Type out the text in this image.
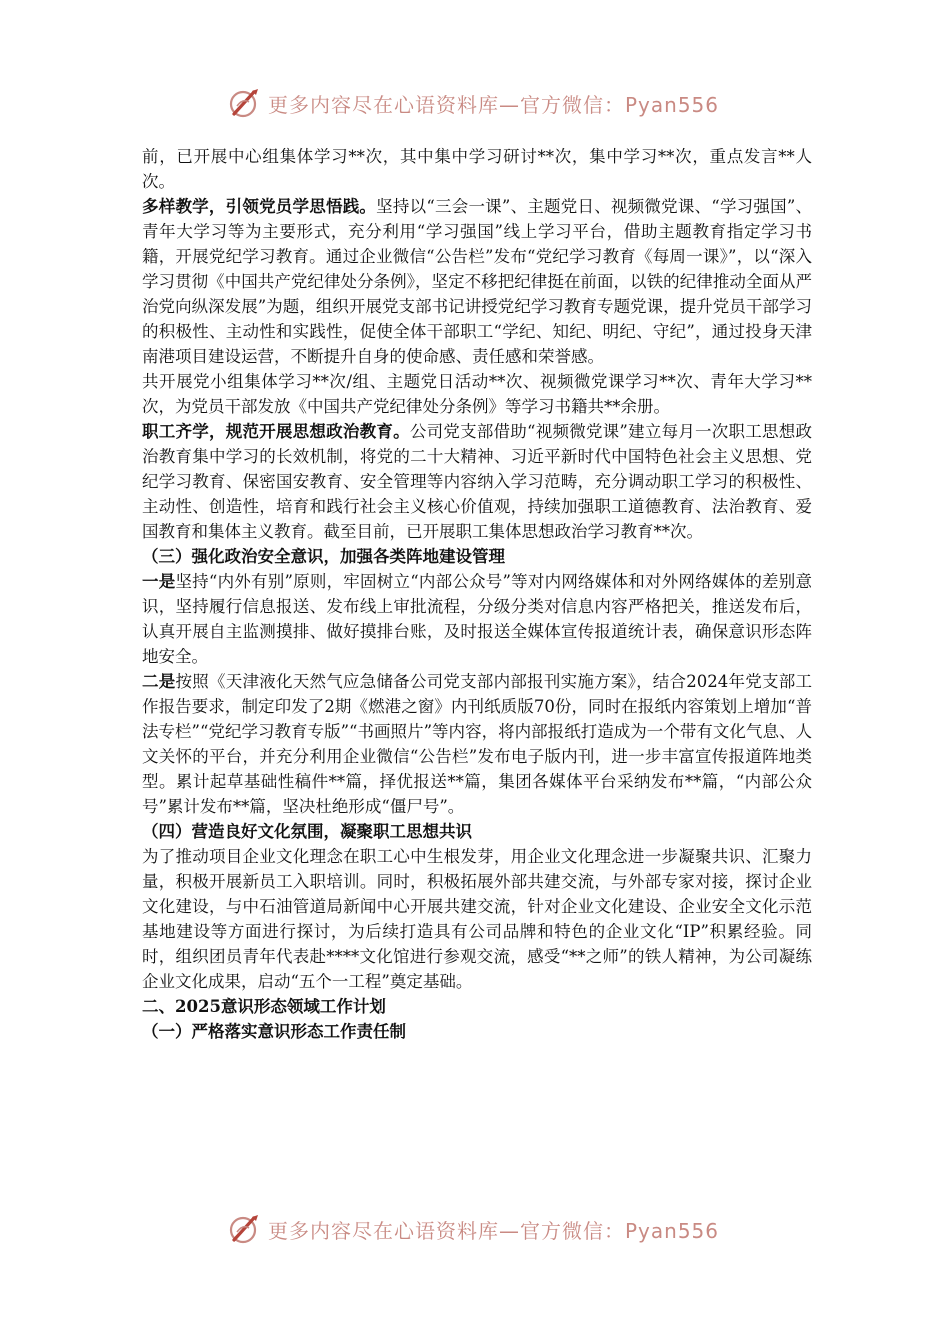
更多内容尽在心语资料库—官方微信：Pyan556

前，已开展中心组集体学习**次，其中集中学习研讨**次，集中学习**次，重点发言**人次。

多样教学，引领党员学思悟践。坚持以“三会一课”、主题党日、视频微党课、“学习强国”、青年大学习等为主要形式，充分利用“学习强国”线上学习平台，借助主题教育指定学习书籍，开展党纪学习教育。通过企业微信“公告栏”发布“党纪学习教育《每周一课》”，以“深入学习贯彻《中国共产党纪律处分条例》，坚定不移把纪律挺在前面，以铁的纪律推动全面从严治党向纵深发展”为题，组织开展党支部书记讲授党纪学习教育专题党课，提升党员干部学习的积极性、主动性和实践性，促使全体干部职工“学纪、知纪、明纪、守纪”，通过投身天津南港项目建设运营，不断提升自身的使命感、责任感和荣誉感。

共开展党小组集体学习**次/组、主题党日活动**次、视频微党课学习**次、青年大学习**次，为党员干部发放《中国共产党纪律处分条例》等学习书籍共**余册。

职工齐学，规范开展思想政治教育。公司党支部借助“视频微党课”建立每月一次职工思想政治教育集中学习的长效机制，将党的二十大精神、习近平新时代中国特色社会主义思想、党纪学习教育、保密国安教育、安全管理等内容纳入学习范畴，充分调动职工学习的积极性、主动性、创造性，培育和践行社会主义核心价值观，持续加强职工道德教育、法治教育、爱国教育和集体主义教育。截至目前，已开展职工集体思想政治学习教育**次。

（三）强化政治安全意识，加强各类阵地建设管理

一是坚持“内外有别”原则，牢固树立“内部公众号”等对内网络媒体和对外网络媒体的差别意识，坚持履行信息报送、发布线上审批流程，分级分类对信息内容严格把关，推送发布后，认真开展自主监测摸排、做好摸排台账，及时报送全媒体宣传报道统计表，确保意识形态阵地安全。

二是按照《天津液化天然气应急储备公司党支部内部报刊实施方案》，结合2024年党支部工作报告要求，制定印发了2期《燃港之窗》内刊纸质版70份，同时在报纸内容策划上增加“普法专栏”“党纪学习教育专版”“书画照片”等内容，将内部报纸打造成为一个带有文化气息、人文关怀的平台，并充分利用企业微信“公告栏”发布电子版内刊，进一步丰富宣传报道阵地类型。累计起草基础性稿件**篇，择优报送**篇，集团各媒体平台采纳发布**篇，“内部公众号”累计发布**篇，坚决杜绝形成“僵尸号”。

（四）营造良好文化氛围，凝聚职工思想共识

为了推动项目企业文化理念在职工心中生根发芽，用企业文化理念进一步凝聚共识、汇聚力量，积极开展新员工入职培训。同时，积极拓展外部共建交流，与外部专家对接，探讨企业文化建设，与中石油管道局新闻中心开展共建交流，针对企业文化建设、企业安全文化示范基地建设等方面进行探讨，为后续打造具有公司品牌和特色的企业文化“IP”积累经验。同时，组织团员青年代表赴****文化馆进行参观交流，感受“**之师”的铁人精神，为公司凝练企业文化成果，启动“五个一工程”奠定基础。

二、2025意识形态领域工作计划

（一）严格落实意识形态工作责任制

更多内容尽在心语资料库—官方微信：Pyan556
